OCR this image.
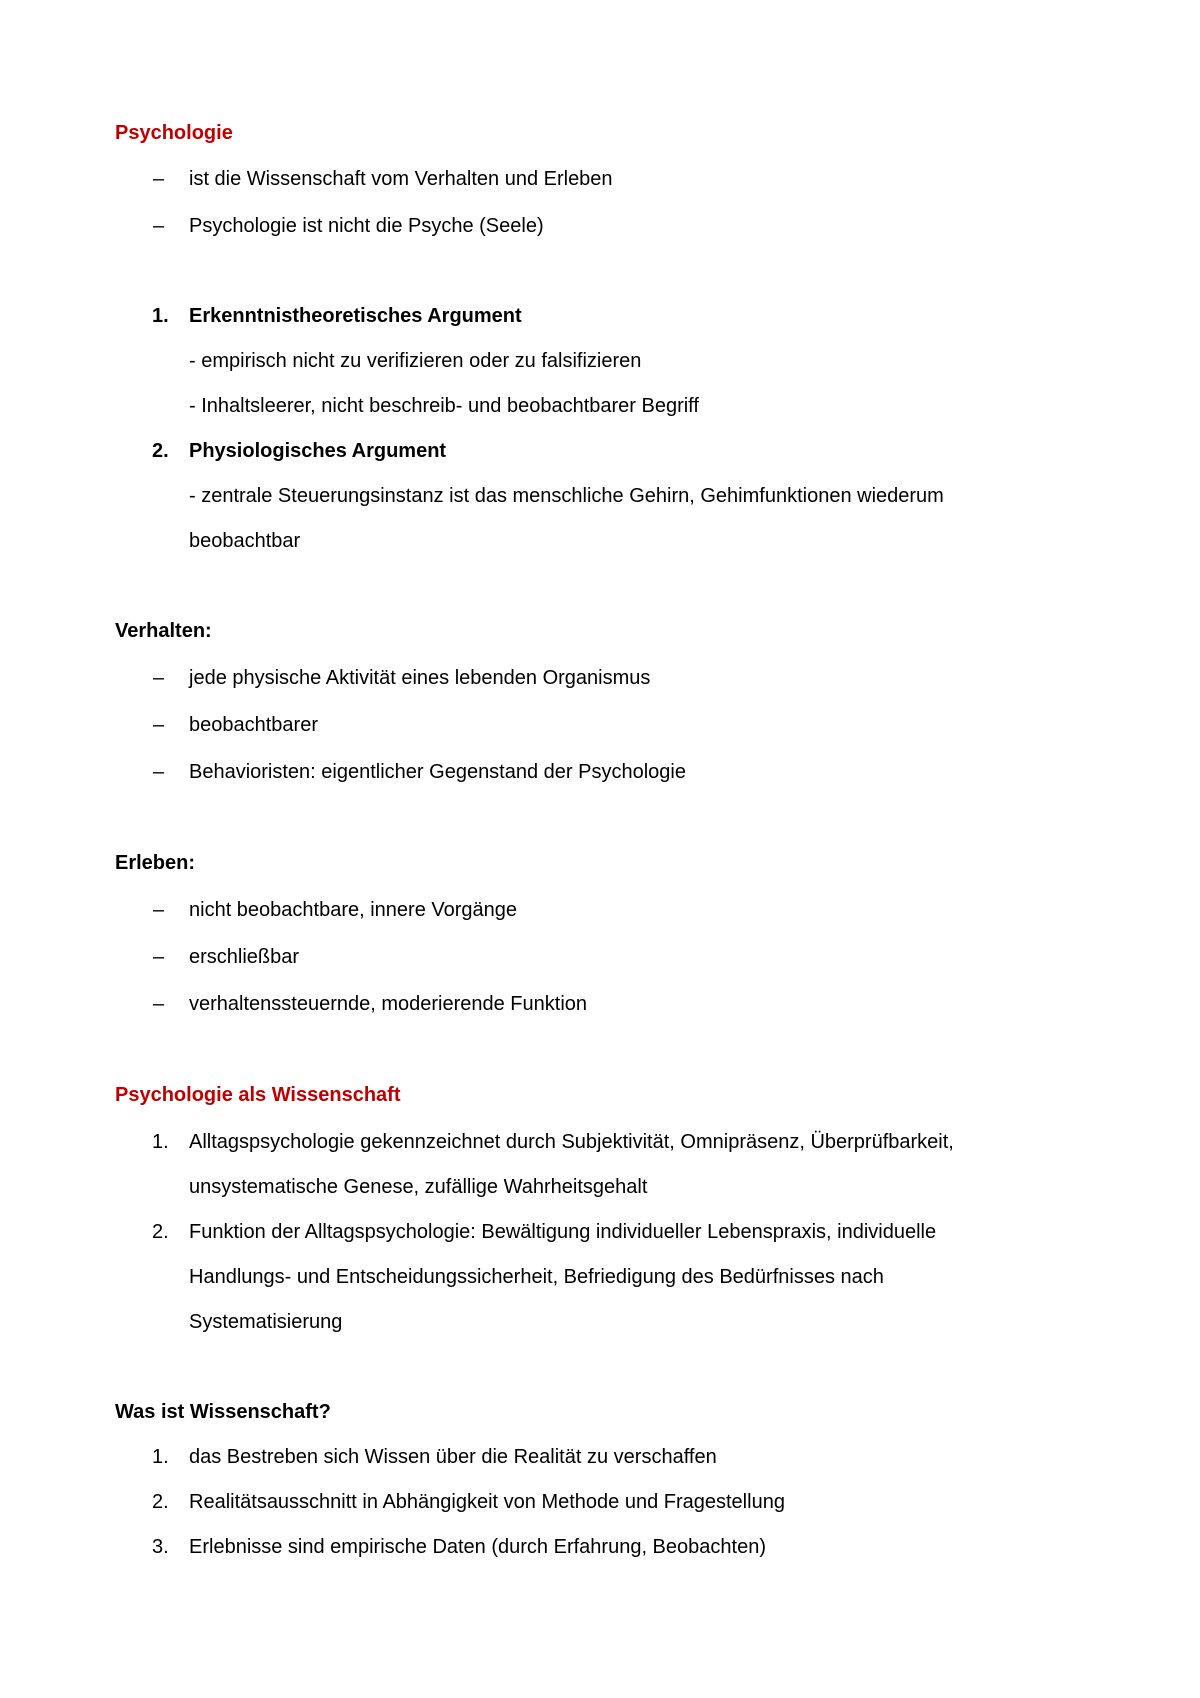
Psychologie
– ist die Wissenschaft vom Verhalten und Erleben
– Psychologie ist nicht die Psyche (Seele)
1. Erkenntnistheoretisches Argument
- empirisch nicht zu verifizieren oder zu falsifizieren
- Inhaltsleerer, nicht beschreib- und beobachtbarer Begriff
2. Physiologisches Argument
- zentrale Steuerungsinstanz ist das menschliche Gehirn, Gehimfunktionen wiederum
beobachtbar
Verhalten:
– jede physische Aktivität eines lebenden Organismus
– beobachtbarer
– Behavioristen: eigentlicher Gegenstand der Psychologie
Erleben:
– nicht beobachtbare, innere Vorgänge
– erschließbar
– verhaltenssteuernde, moderierende Funktion
Psychologie als Wissenschaft
1. Alltagspsychologie gekennzeichnet durch Subjektivität, Omnipräsenz, Überprüfbarkeit,
unsystematische Genese, zufällige Wahrheitsgehalt
2. Funktion der Alltagspsychologie: Bewältigung individueller Lebenspraxis, individuelle
Handlungs- und Entscheidungssicherheit, Befriedigung des Bedürfnisses nach
Systematisierung
Was ist Wissenschaft?
1. das Bestreben sich Wissen über die Realität zu verschaffen
2. Realitätsausschnitt in Abhängigkeit von Methode und Fragestellung
3. Erlebnisse sind empirische Daten (durch Erfahrung, Beobachten)
